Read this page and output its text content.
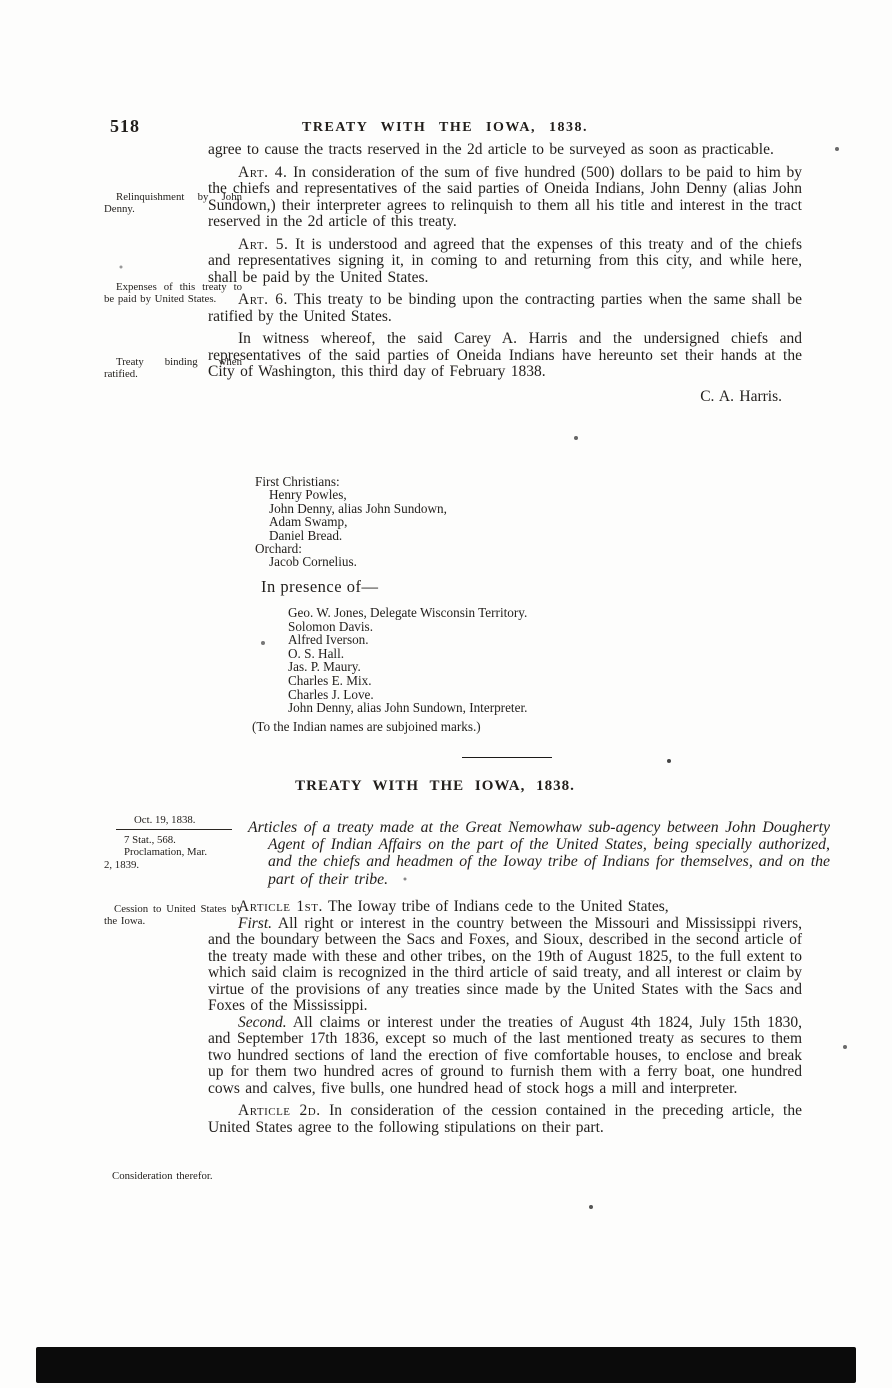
518	TREATY WITH THE IOWA, 1838.
Relinquishment by John Denny.
Expenses of this treaty to be paid by United States.
Treaty binding when ratified.

agree to cause the tracts reserved in the 2d article to be surveyed as soon as practicable.

Art. 4. In consideration of the sum of five hundred (500) dollars to be paid to him by the chiefs and representatives of the said parties of Oneida Indians, John Denny (alias John Sundown,) their interpreter agrees to relinquish to them all his title and interest in the tract reserved in the 2d article of this treaty.

Art. 5. It is understood and agreed that the expenses of this treaty and of the chiefs and representatives signing it, in coming to and returning from this city, and while here, shall be paid by the United States.

Art. 6. This treaty to be binding upon the contracting parties when the same shall be ratified by the United States.

In witness whereof, the said Carey A. Harris and the undersigned chiefs and representatives of the said parties of Oneida Indians have hereunto set their hands at the City of Washington, this third day of February 1838.

C. A. Harris.

First Christians:
Henry Powles,
John Denny, alias John Sundown,
Adam Swamp,
Daniel Bread.
Orchard:
Jacob Cornelius.
In presence of—
Geo. W. Jones, Delegate Wisconsin Territory.
Solomon Davis.
Alfred Iverson.
O. S. Hall.
Jas. P. Maury.
Charles E. Mix.
Charles J. Love.
John Denny, alias John Sundown, Interpreter.
(To the Indian names are subjoined marks.)
TREATY WITH THE IOWA, 1838.
Oct. 19, 1838.
7 Stat., 568.
Proclamation, Mar.
2, 1839.
Cession to United States by the Iowa.
Consideration therefor.
Articles of a treaty made at the Great Nemowhaw sub-agency between John Dougherty Agent of Indian Affairs on the part of the United States, being specially authorized, and the chiefs and headmen of the Ioway tribe of Indians for themselves, and on the part of their tribe.

Article 1st. The Ioway tribe of Indians cede to the United States,

First. All right or interest in the country between the Missouri and Mississippi rivers, and the boundary between the Sacs and Foxes, and Sioux, described in the second article of the treaty made with these and other tribes, on the 19th of August 1825, to the full extent to which said claim is recognized in the third article of said treaty, and all interest or claim by virtue of the provisions of any treaties since made by the United States with the Sacs and Foxes of the Mississippi.

Second. All claims or interest under the treaties of August 4th 1824, July 15th 1830, and September 17th 1836, except so much of the last mentioned treaty as secures to them two hundred sections of land the erection of five comfortable houses, to enclose and break up for them two hundred acres of ground to furnish them with a ferry boat, one hundred cows and calves, five bulls, one hundred head of stock hogs a mill and interpreter.

Article 2d. In consideration of the cession contained in the preceding article, the United States agree to the following stipulations on their part.
